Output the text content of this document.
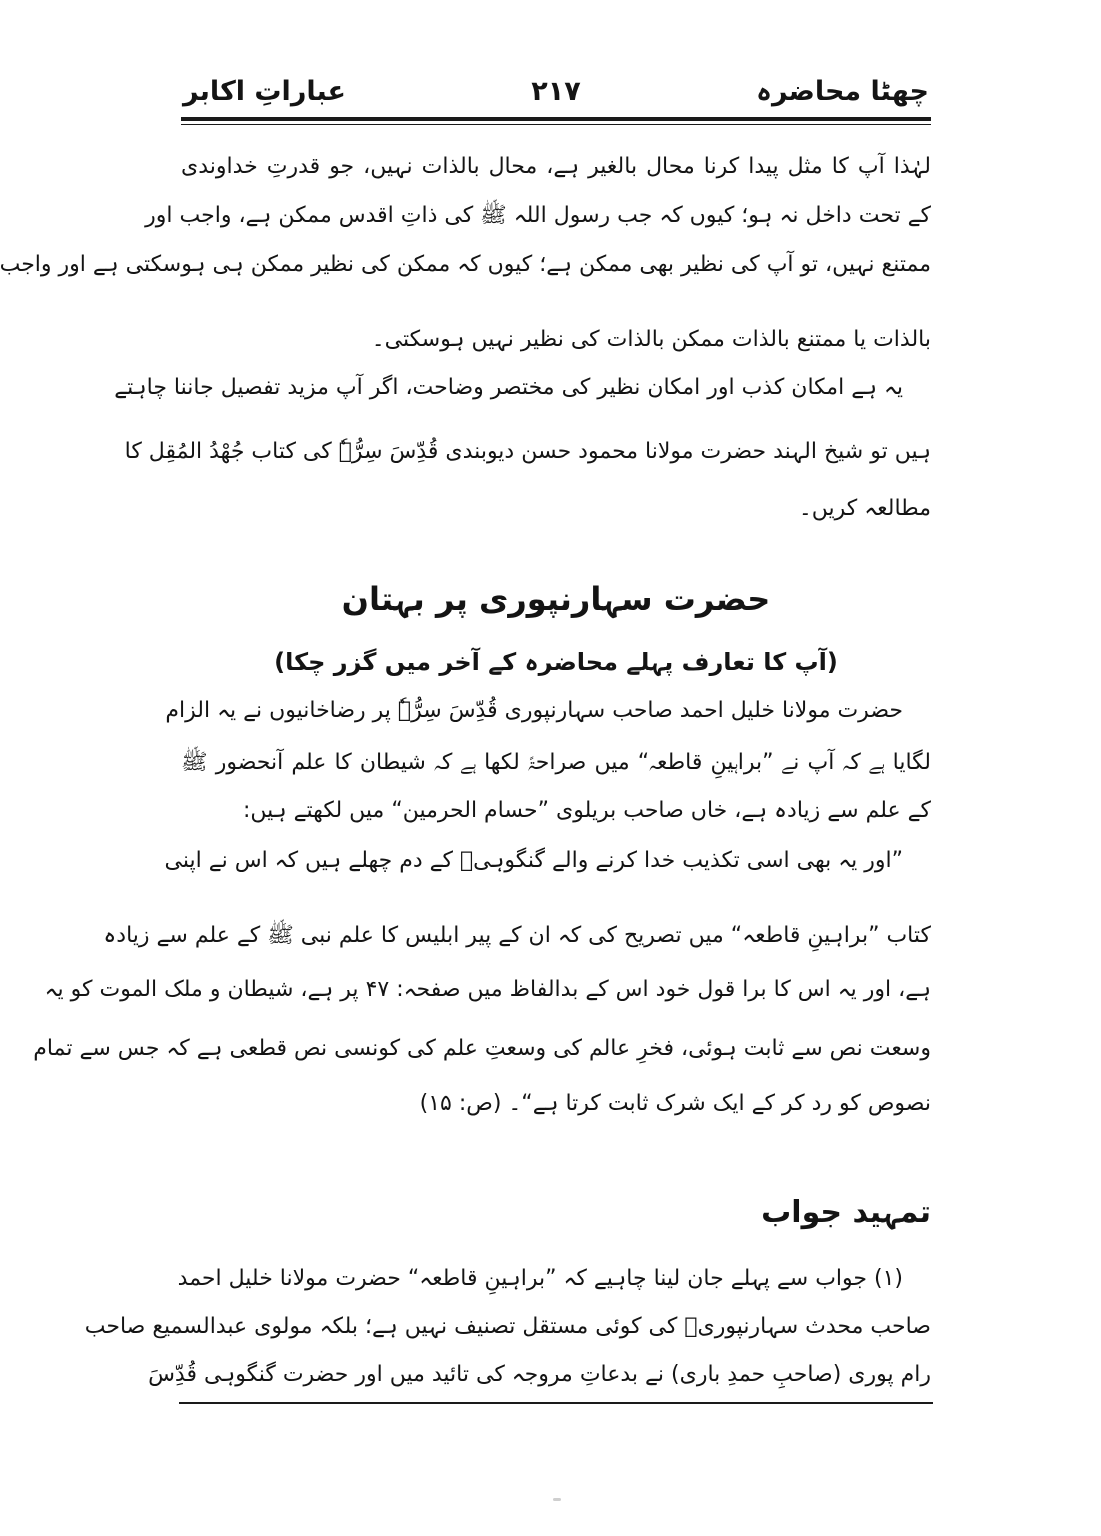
چھٹا محاضرہ
۲۱۷
عباراتِ اکابر
لہٰذا آپ کا مثل پیدا کرنا محال بالغیر ہے، محال بالذات نہیں، جو قدرتِ خداوندی
کے تحت داخل نہ ہو؛ کیوں کہ جب رسول اللہ ﷺ کی ذاتِ اقدس ممکن ہے، واجب اور
ممتنع نہیں، تو آپ کی نظیر بھی ممکن ہے؛ کیوں کہ ممکن کی نظیر ممکن ہی ہوسکتی ہے اور واجب
بالذات یا ممتنع بالذات ممکن بالذات کی نظیر نہیں ہوسکتی۔
یہ ہے امکان کذب اور امکان نظیر کی مختصر وضاحت، اگر آپ مزید تفصیل جاننا چاہتے
ہیں تو شیخ الہند حضرت مولانا محمود حسن دیوبندی قُدِّسَ سِرُّہٗ کی کتاب جُھْدُ المُقِل کا
مطالعہ کریں۔
حضرت سہارنپوری پر بہتان
(آپ کا تعارف پہلے محاضرہ کے آخر میں گزر چکا)
حضرت مولانا خلیل احمد صاحب سہارنپوری قُدِّسَ سِرُّہٗ پر رضاخانیوں نے یہ الزام
لگایا ہے کہ آپ نے ”براہینِ قاطعہ“ میں صراحۃً لکھا ہے کہ شیطان کا علم آنحضور ﷺ
کے علم سے زیادہ ہے، خاں صاحب بریلوی ”حسام الحرمین“ میں لکھتے ہیں:
”اور یہ بھی اسی تکذیب خدا کرنے والے گنگوہیؒ کے دم چھلے ہیں کہ اس نے اپنی
کتاب ”براہینِ قاطعہ“ میں تصریح کی کہ ان کے پیر ابلیس کا علم نبی ﷺ کے علم سے زیادہ
ہے، اور یہ اس کا برا قول خود اس کے بدالفاظ میں صفحہ: ۴۷ پر ہے، شیطان و ملک الموت کو یہ
وسعت نص سے ثابت ہوئی، فخرِ عالم کی وسعتِ علم کی کونسی نص قطعی ہے کہ جس سے تمام
نصوص کو رد کر کے ایک شرک ثابت کرتا ہے“۔ (ص: ۱۵)
تمہید جواب
(۱) جواب سے پہلے جان لینا چاہیے کہ ”براہینِ قاطعہ“ حضرت مولانا خلیل احمد
صاحب محدث سہارنپوریؒ کی کوئی مستقل تصنیف نہیں ہے؛ بلکہ مولوی عبدالسمیع صاحب
رام پوری (صاحبِ حمدِ باری) نے بدعاتِ مروجہ کی تائید میں اور حضرت گنگوہی قُدِّسَ
